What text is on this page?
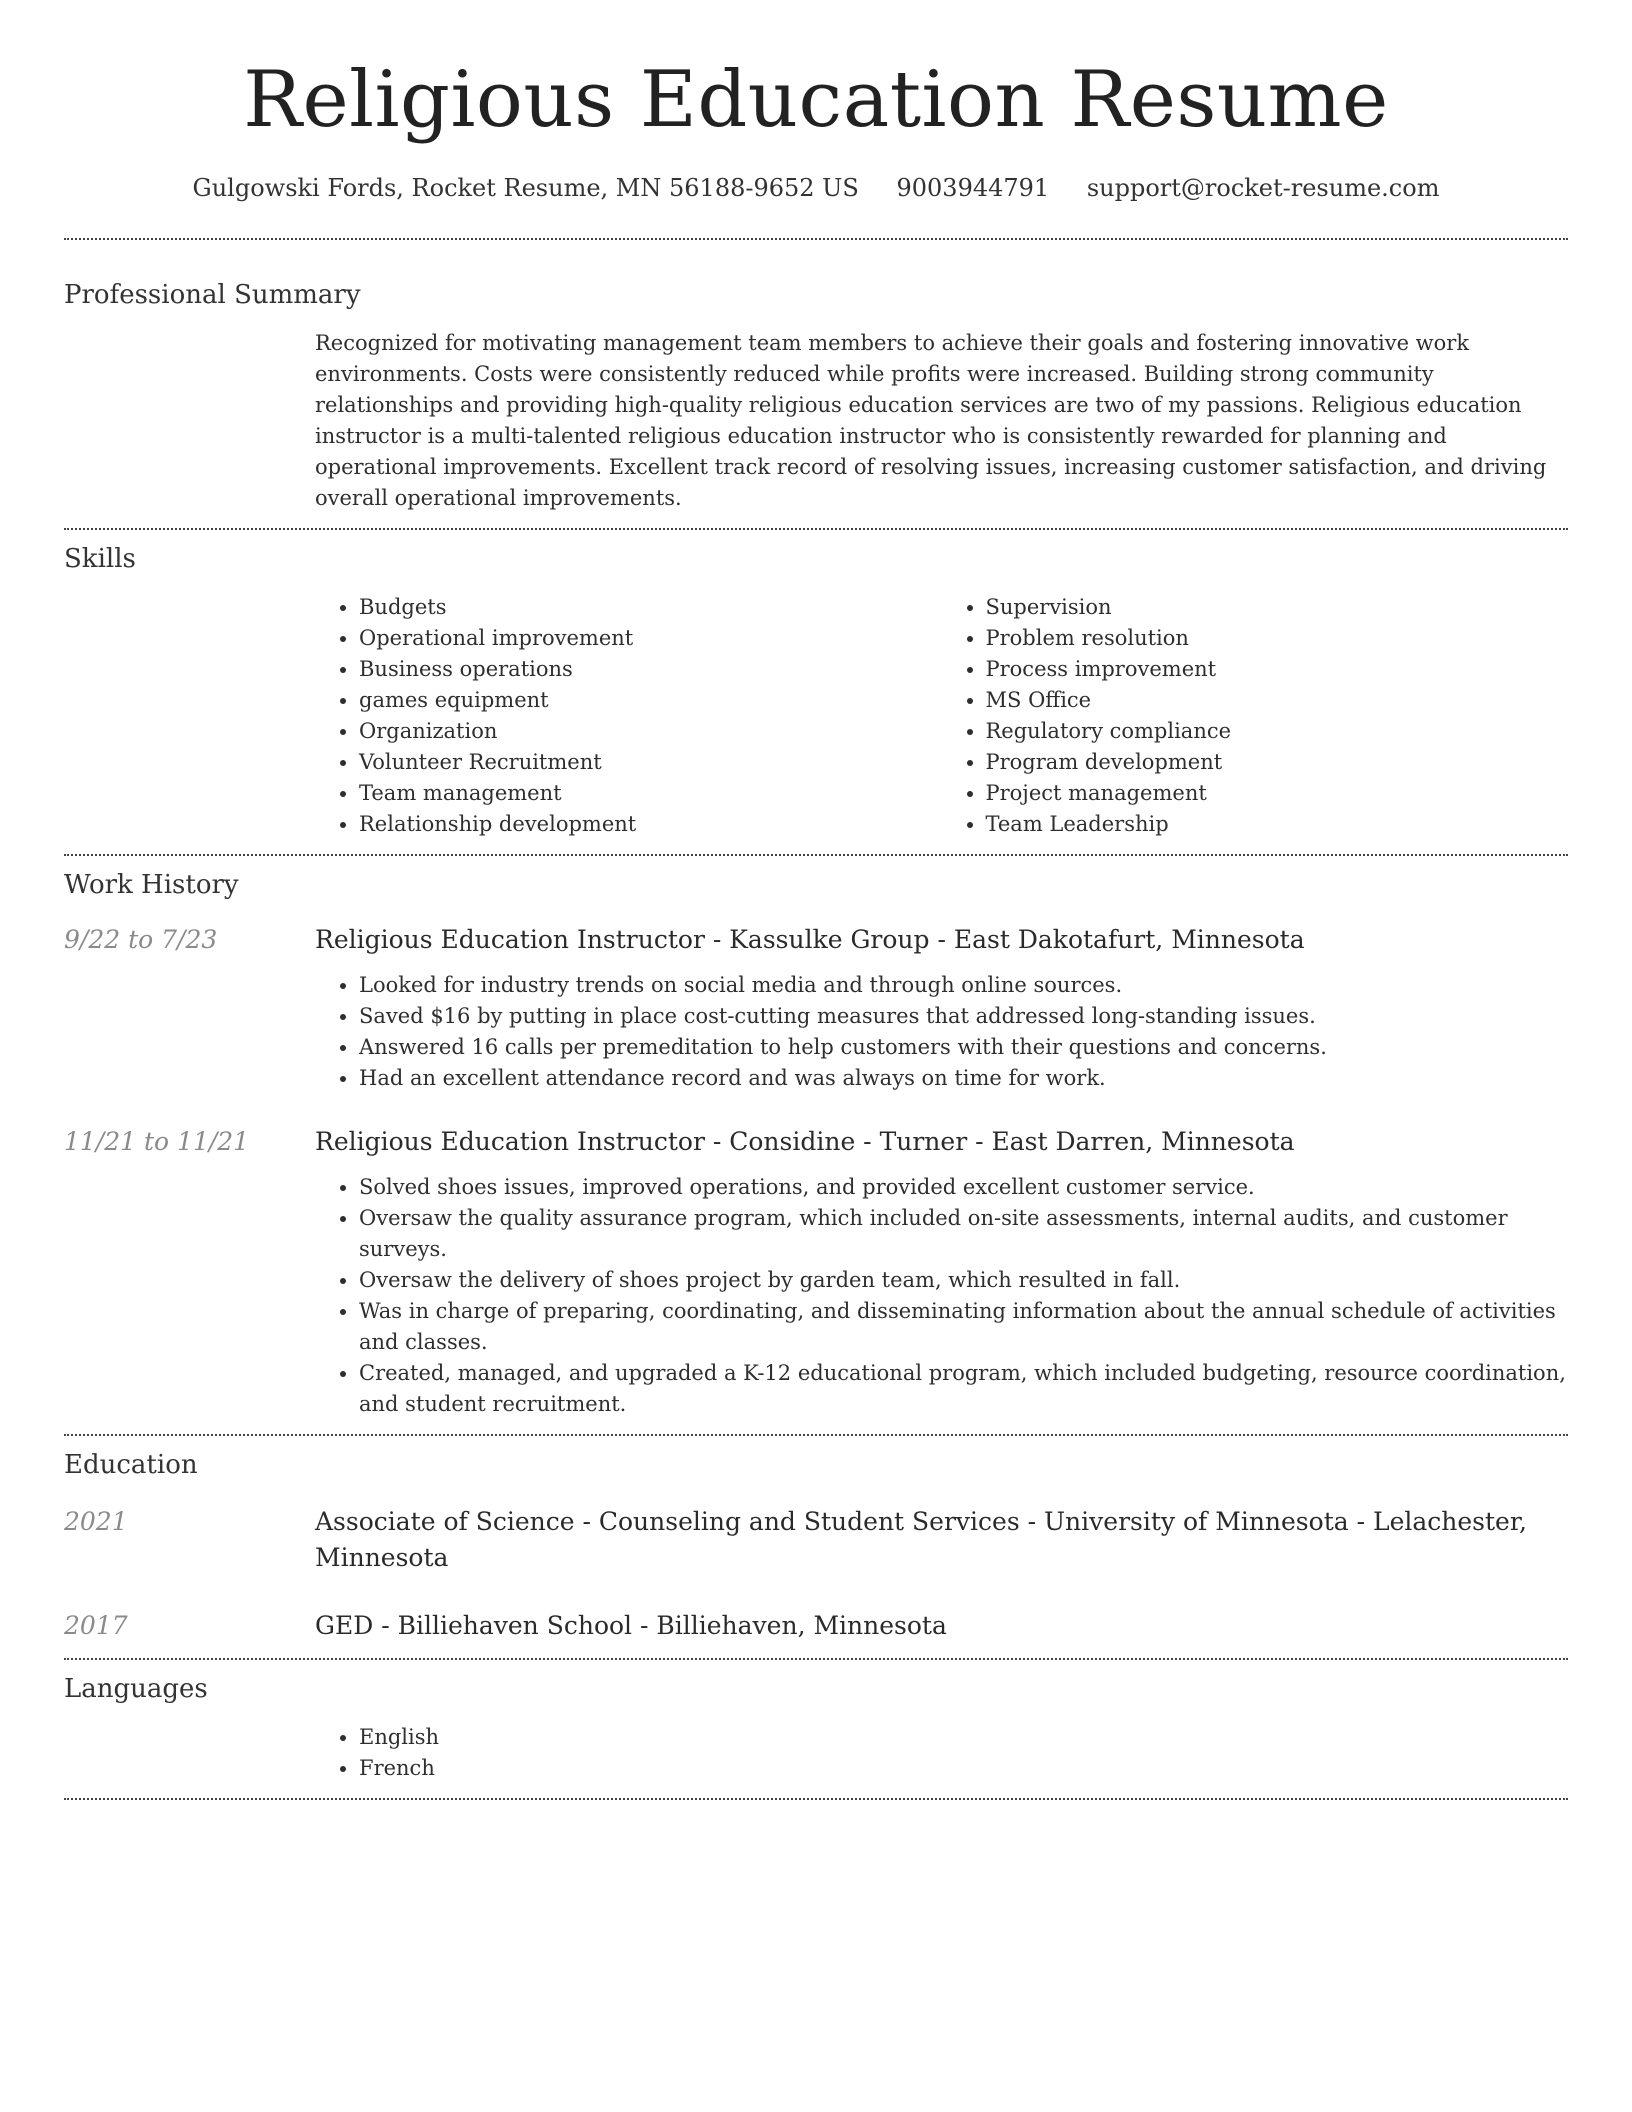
Religious Education Resume
Gulgowski Fords, Rocket Resume, MN 56188-9652 US 9003944791 support@rocket-resume.com
Professional Summary

Recognized for motivating management team members to achieve their goals and fostering innovative work environments. Costs were consistently reduced while profits were increased. Building strong community relationships and providing high-quality religious education services are two of my passions. Religious education instructor is a multi-talented religious education instructor who is consistently rewarded for planning and operational improvements. Excellent track record of resolving issues, increasing customer satisfaction, and driving overall operational improvements.

Skills
• Budgets
• Operational improvement
• Business operations
• games equipment
• Organization
• Volunteer Recruitment
• Team management
• Relationship development
• Supervision
• Problem resolution
• Process improvement
• MS Office
• Regulatory compliance
• Program development
• Project management
• Team Leadership
Work History
9/22 to 7/23	Religious Education Instructor - Kassulke Group - East Dakotafurt, Minnesota
• Looked for industry trends on social media and through online sources.
• Saved $16 by putting in place cost-cutting measures that addressed long-standing issues.
• Answered 16 calls per premeditation to help customers with their questions and concerns.
• Had an excellent attendance record and was always on time for work.
11/21 to 11/21	Religious Education Instructor - Considine - Turner - East Darren, Minnesota
• Solved shoes issues, improved operations, and provided excellent customer service.
• Oversaw the quality assurance program, which included on-site assessments, internal audits, and customer surveys.
• Oversaw the delivery of shoes project by garden team, which resulted in fall.
• Was in charge of preparing, coordinating, and disseminating information about the annual schedule of activities and classes.
• Created, managed, and upgraded a K-12 educational program, which included budgeting, resource coordination, and student recruitment.
Education
2021	Associate of Science - Counseling and Student Services - University of Minnesota - Lelachester, Minnesota
2017	GED - Billiehaven School - Billiehaven, Minnesota
Languages
• English
• French
